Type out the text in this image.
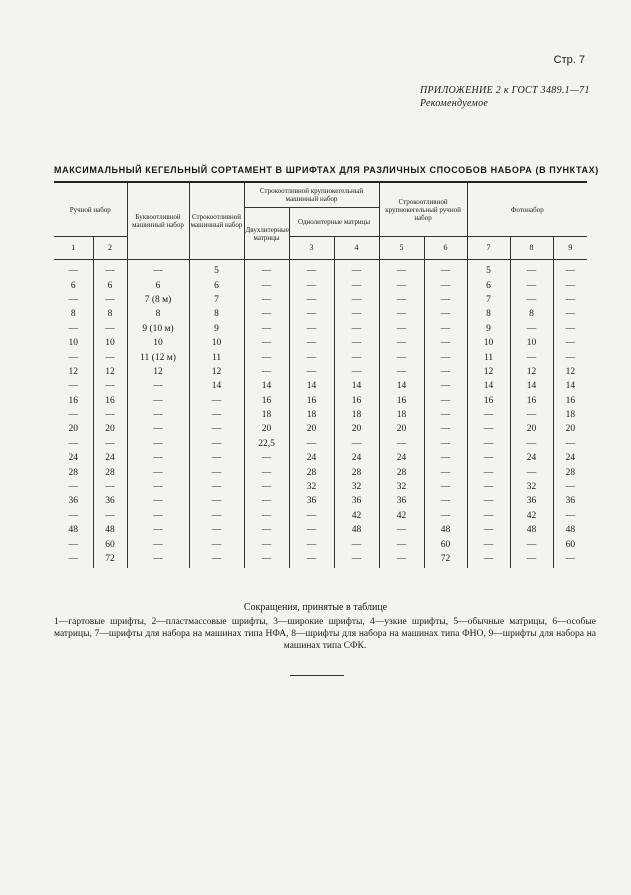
Стр. 7
ПРИЛОЖЕНИЕ 2 к ГОСТ 3489.1—71
Рекомендуемое
МАКСИМАЛЬНЫЙ КЕГЕЛЬНЫЙ СОРТАМЕНТ В ШРИФТАХ ДЛЯ РАЗЛИЧНЫХ СПОСОБОВ НАБОРА (В ПУНКТАХ)
Ручной набор		Буквоотливной машинный набор	Строкоотливной машинный набор	Строкоотливной крупнокегельный машинный набор			Строкоотливной крупнокегельный ручной набор		Фотонабор		
				Двухлитерные матрицы	Однолитерные матрицы						
1	2				3	4	5	6	7	8	9
—	—	—	5	—	—	—	—	—	5	—	—
6	6	6	6	—	—	—	—	—	6	—	—
—	—	7 (8 м)	7	—	—	—	—	—	7	—	—
8	8	8	8	—	—	—	—	—	8	8	—
—	—	9 (10 м)	9	—	—	—	—	—	9	—	—
10	10	10	10	—	—	—	—	—	10	10	—
—	—	11 (12 м)	11	—	—	—	—	—	11	—	—
12	12	12	12	—	—	—	—	—	12	12	12
—	—	—	14	14	14	14	14	—	14	14	14
16	16	—	—	16	16	16	16	—	16	16	16
—	—	—	—	18	18	18	18	—	—	—	18
20	20	—	—	20	20	20	20	—	—	20	20
—	—	—	—	22,5	—	—	—	—	—	—	—
24	24	—	—	—	24	24	24	—	—	24	24
28	28	—	—	—	28	28	28	—	—	—	28
—	—	—	—	—	32	32	32	—	—	32	—
36	36	—	—	—	36	36	36	—	—	36	36
—	—	—	—	—	—	42	42	—	—	42	—
48	48	—	—	—	—	48	—	48	—	48	48
—	60	—	—	—	—	—	—	60	—	—	60
—	72	—	—	—	—	—	—	72	—	—	—
Сокращения, принятые в таблице
1—гартовые шрифты, 2—пластмассовые шрифты, 3—широкие шрифты, 4—узкие шрифты, 5—обычные матрицы, 6—особые матрицы, 7—шрифты для набора на машинах типа НФА, 8—шрифты для набора на машинах типа ФНО, 9—шрифты для набора на машинах типа СФК.
